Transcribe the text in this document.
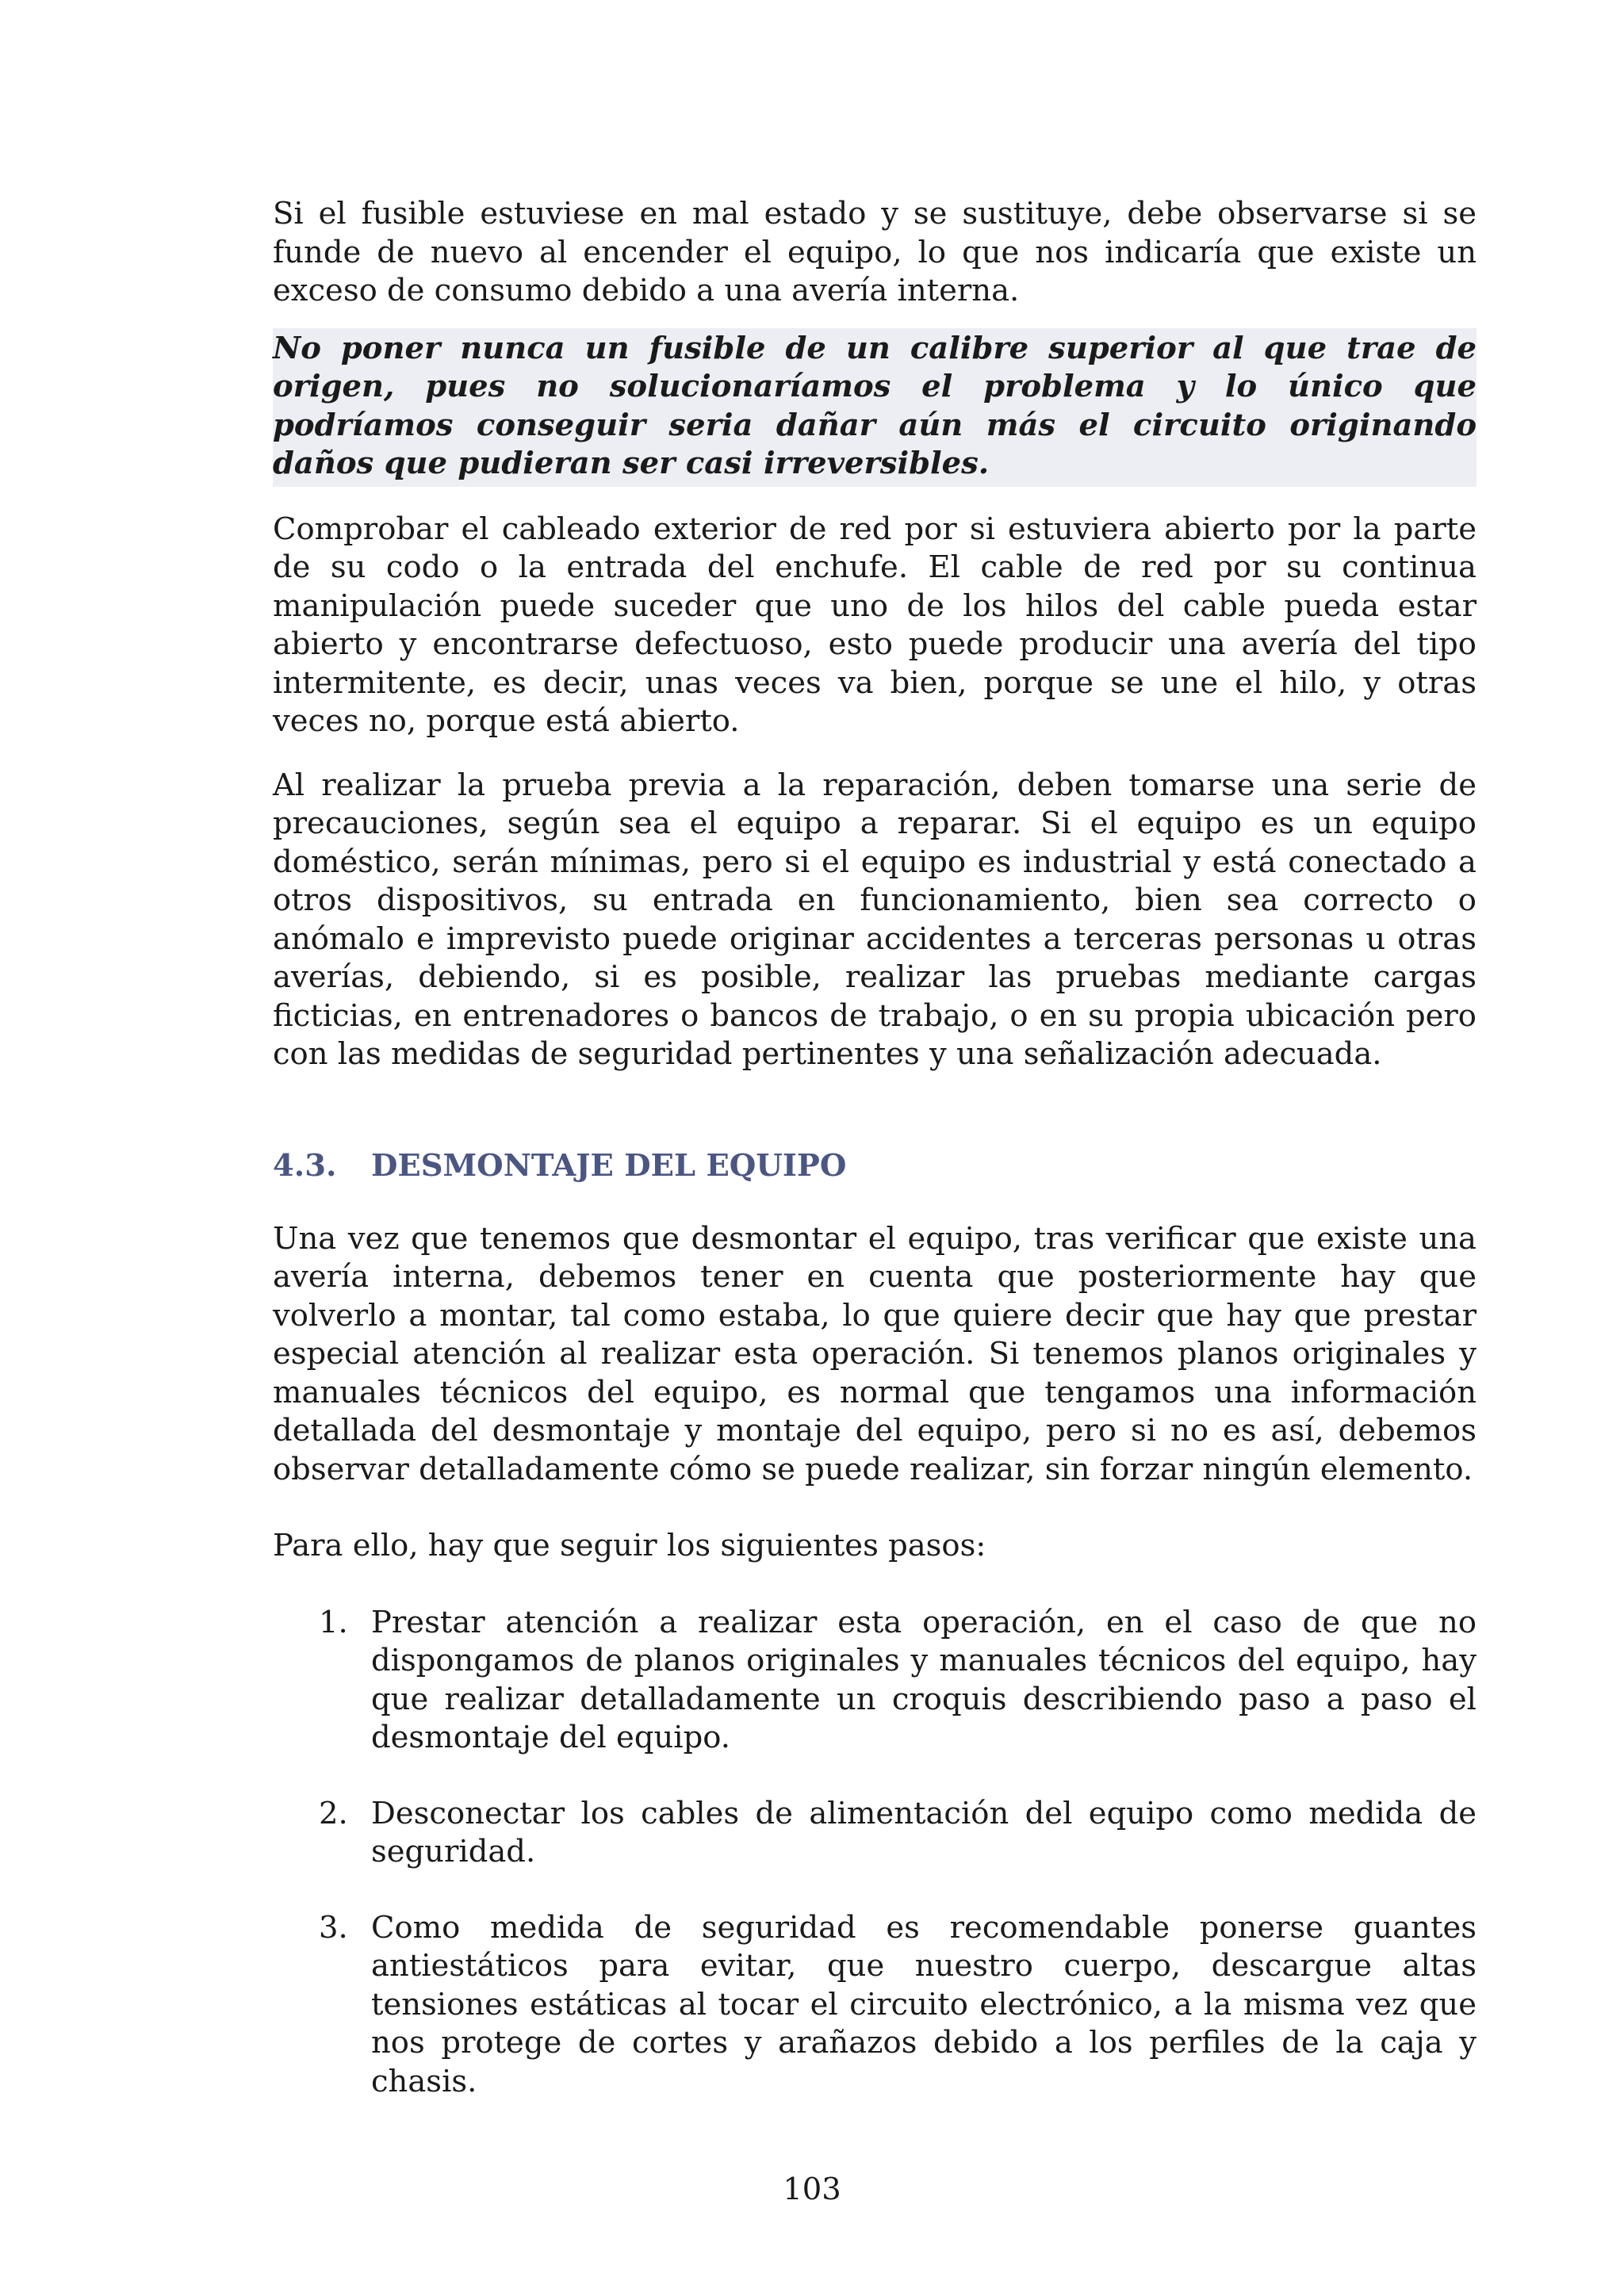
Si el fusible estuviese en mal estado y se sustituye, debe observarse si se funde de nuevo al encender el equipo, lo que nos indicaría que existe un exceso de consumo debido a una avería interna.

No poner nunca un fusible de un calibre superior al que trae de origen, pues no solucionaríamos el problema y lo único que podríamos conseguir seria dañar aún más el circuito originando daños que pudieran ser casi irreversibles.

Comprobar el cableado exterior de red por si estuviera abierto por la parte de su codo o la entrada del enchufe. El cable de red por su continua manipulación puede suceder que uno de los hilos del cable pueda estar abierto y encontrarse defectuoso, esto puede producir una avería del tipo intermitente, es decir, unas veces va bien, porque se une el hilo, y otras veces no, porque está abierto.

Al realizar la prueba previa a la reparación, deben tomarse una serie de precauciones, según sea el equipo a reparar. Si el equipo es un equipo doméstico, serán mínimas, pero si el equipo es industrial y está conectado a otros dispositivos, su entrada en funcionamiento, bien sea correcto o anómalo e imprevisto puede originar accidentes a terceras personas u otras averías, debiendo, si es posible, realizar las pruebas mediante cargas ficticias, en entrenadores o bancos de trabajo, o en su propia ubicación pero con las medidas de seguridad pertinentes y una señalización adecuada.

4.3.	DESMONTAJE DEL EQUIPO

Una vez que tenemos que desmontar el equipo, tras verificar que existe una avería interna, debemos tener en cuenta que posteriormente hay que volverlo a montar, tal como estaba, lo que quiere decir que hay que prestar especial atención al realizar esta operación. Si tenemos planos originales y manuales técnicos del equipo, es normal que tengamos una información detallada del desmontaje y montaje del equipo, pero si no es así, debemos observar detalladamente cómo se puede realizar, sin forzar ningún elemento.

Para ello, hay que seguir los siguientes pasos:

1. Prestar atención a realizar esta operación, en el caso de que no dispongamos de planos originales y manuales técnicos del equipo, hay que realizar detalladamente un croquis describiendo paso a paso el desmontaje del equipo.

2. Desconectar los cables de alimentación del equipo como medida de seguridad.

3. Como medida de seguridad es recomendable ponerse guantes antiestáticos para evitar, que nuestro cuerpo, descargue altas tensiones estáticas al tocar el circuito electrónico, a la misma vez que nos protege de cortes y arañazos debido a los perfiles de la caja y chasis.

103
